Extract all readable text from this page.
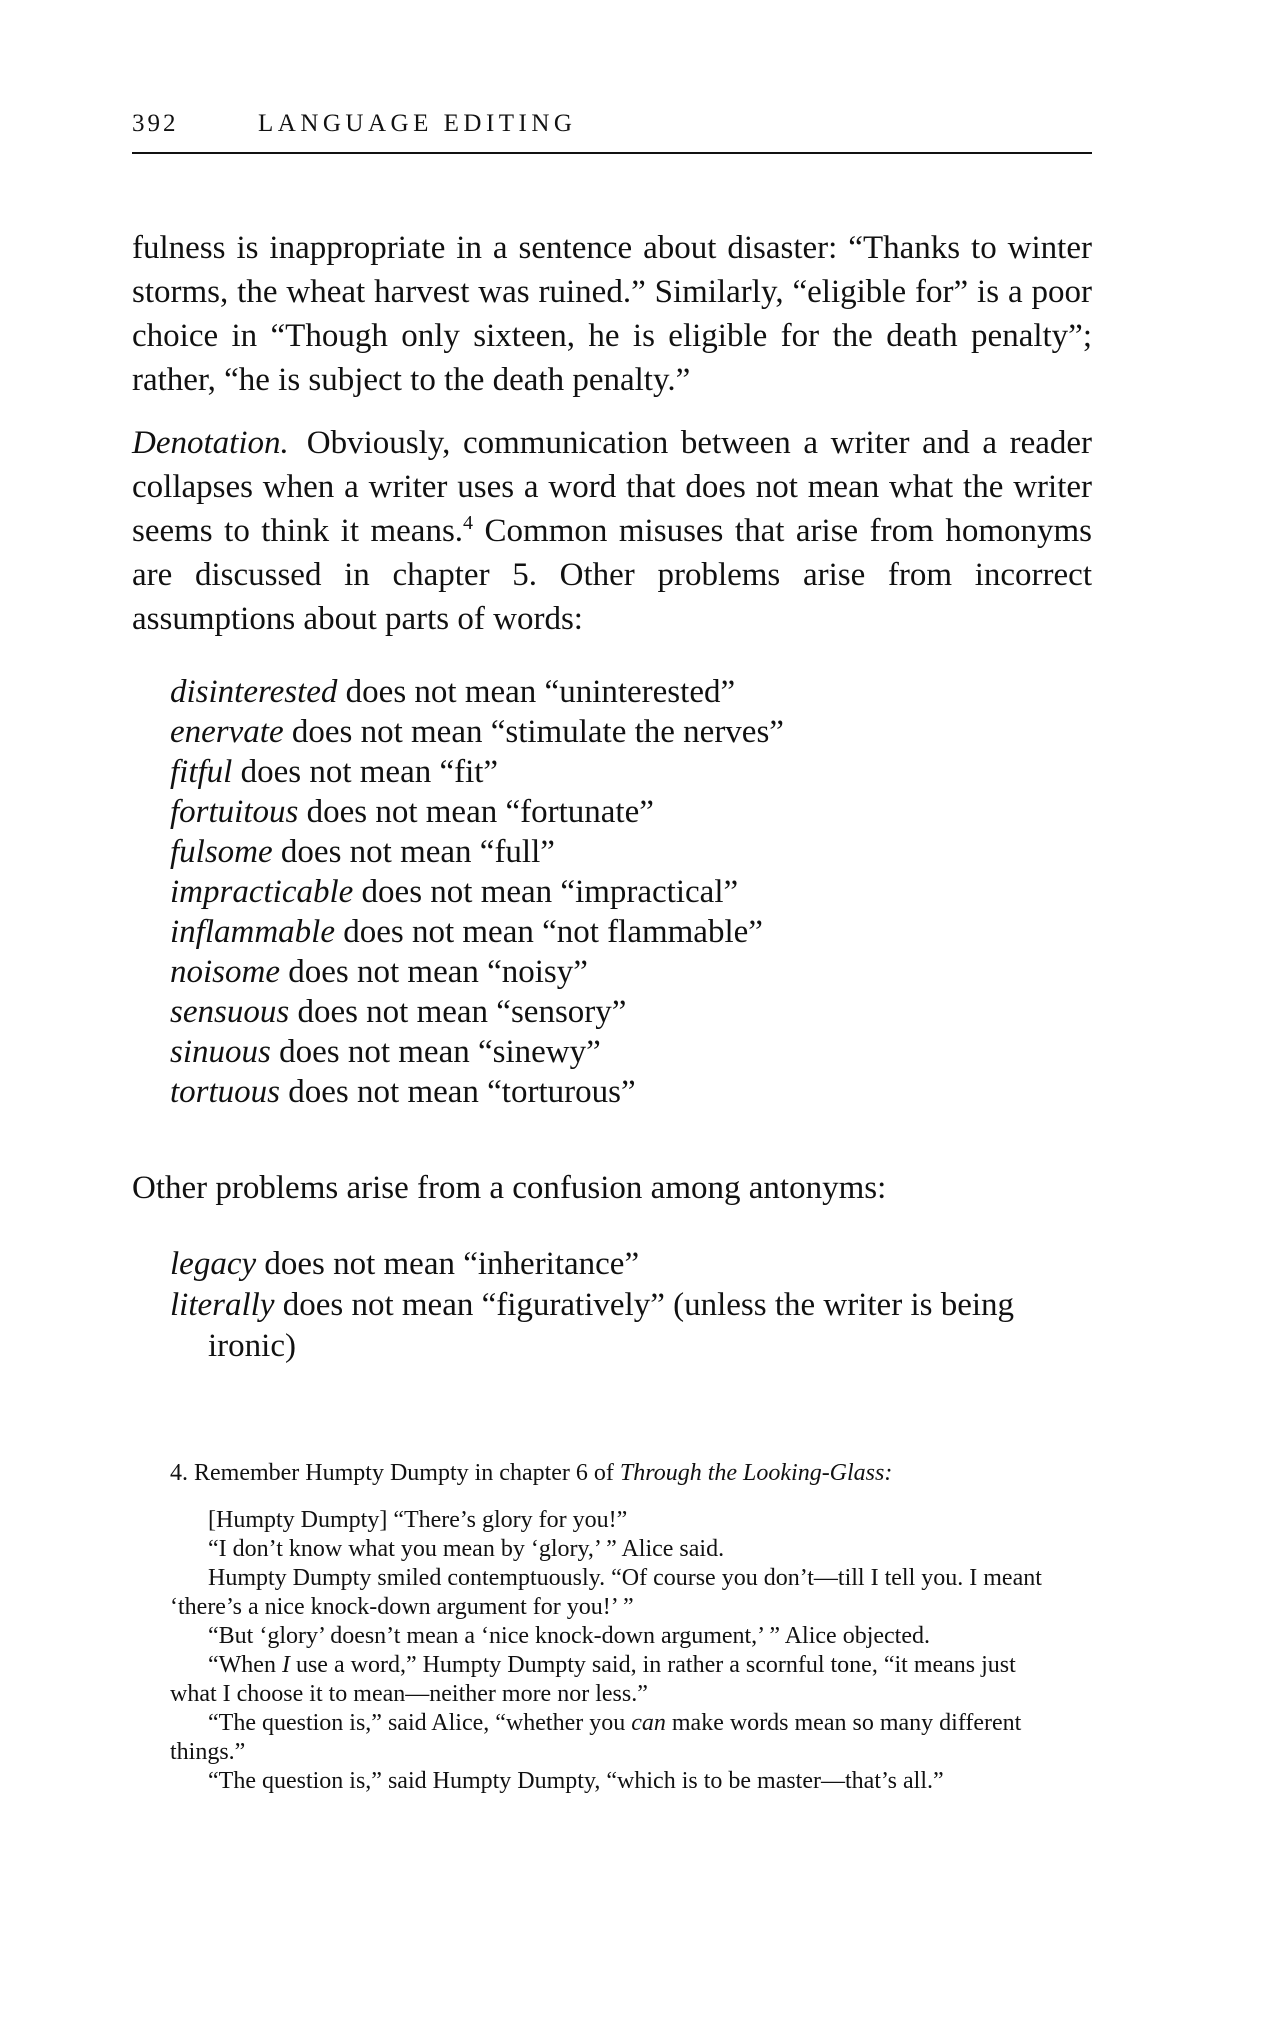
392	LANGUAGE EDITING
fulness is inappropriate in a sentence about disaster: “Thanks to winter storms, the wheat harvest was ruined.” Similarly, “eligible for” is a poor choice in “Though only sixteen, he is eligible for the death penalty”; rather, “he is subject to the death penalty.”
Denotation. Obviously, communication between a writer and a reader collapses when a writer uses a word that does not mean what the writer seems to think it means.$^4$ Common misuses that arise from homonyms are discussed in chapter 5. Other problems arise from incorrect assumptions about parts of words:
disinterested does not mean “uninterested”
enervate does not mean “stimulate the nerves”
fitful does not mean “fit”
fortuitous does not mean “fortunate”
fulsome does not mean “full”
impracticable does not mean “impractical”
inflammable does not mean “not flammable”
noisome does not mean “noisy”
sensuous does not mean “sensory”
sinuous does not mean “sinewy”
tortuous does not mean “torturous”
Other problems arise from a confusion among antonyms:
legacy does not mean “inheritance”
literally does not mean “figuratively” (unless the writer is being ironic)
4. Remember Humpty Dumpty in chapter 6 of Through the Looking-Glass:

[Humpty Dumpty] “There’s glory for you!”

“I don’t know what you mean by ‘glory,’ ” Alice said.

Humpty Dumpty smiled contemptuously. “Of course you don’t—till I tell you. I meant ‘there’s a nice knock-down argument for you!’ ”

“But ‘glory’ doesn’t mean a ‘nice knock-down argument,’ ” Alice objected.

“When I use a word,” Humpty Dumpty said, in rather a scornful tone, “it means just what I choose it to mean—neither more nor less.”

“The question is,” said Alice, “whether you can make words mean so many different things.”

“The question is,” said Humpty Dumpty, “which is to be master—that’s all.”
